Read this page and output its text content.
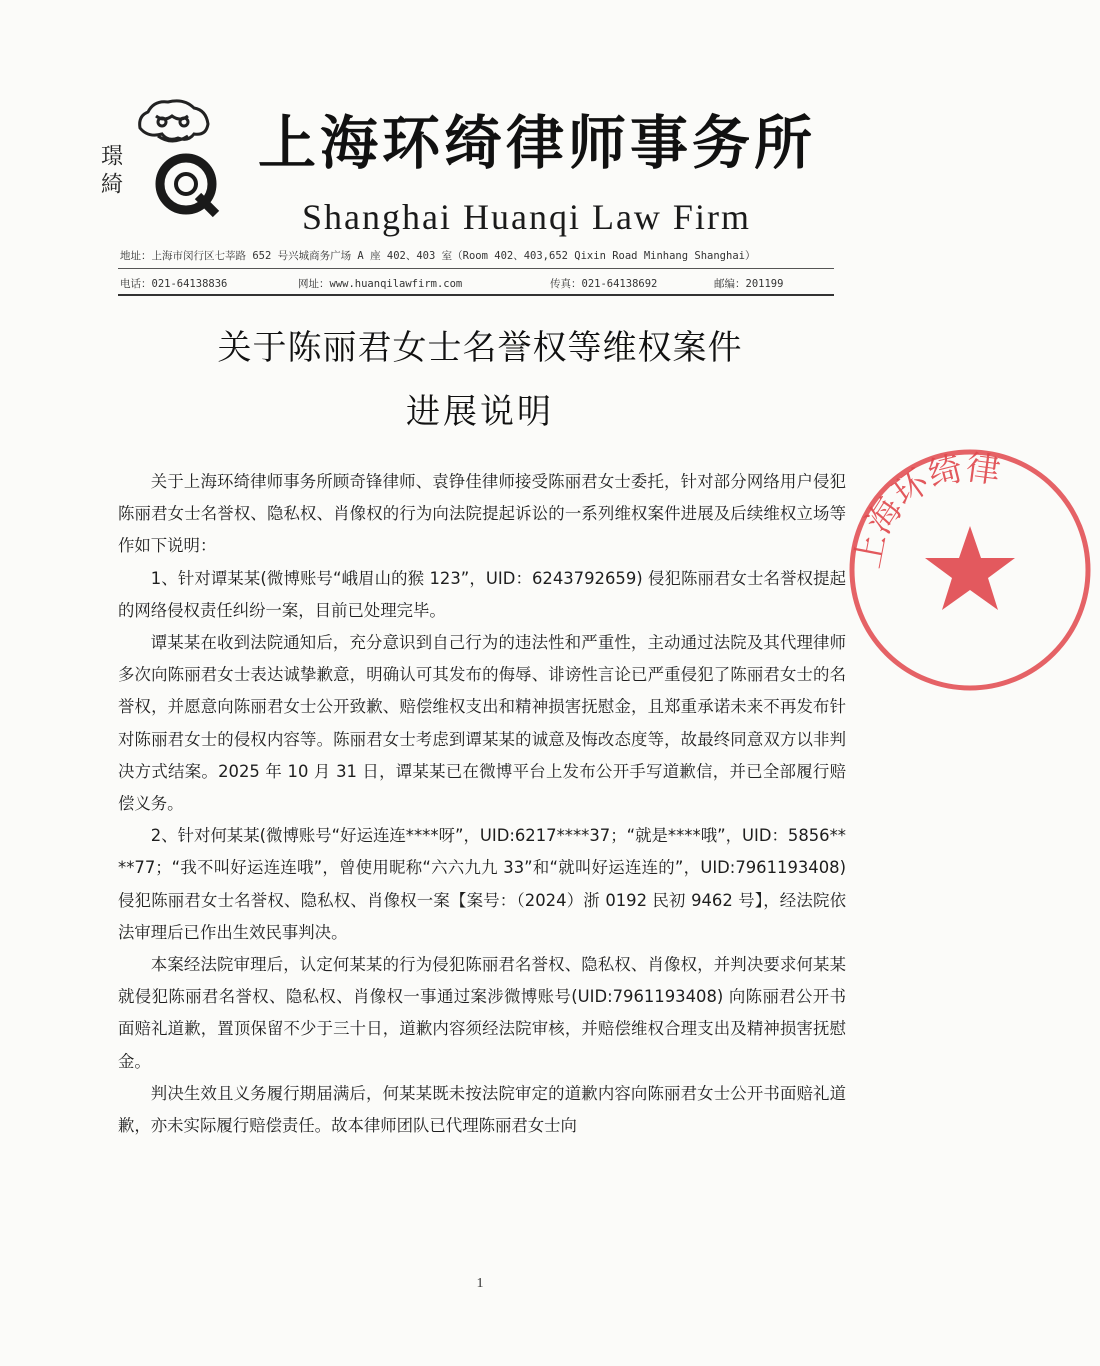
璟綺 上海环绮律师事务所
Shanghai Huanqi Law Firm
地址：上海市闵行区七莘路 652 号兴城商务广场 A 座 402、403 室（Room 402、403,652 Qixin Road Minhang Shanghai）
电话：021-64138836	网址：www.huanqilawfirm.com	传真：021-64138692	邮编：201199
关于陈丽君女士名誉权等维权案件
进展说明

关于上海环绮律师事务所顾奇锋律师、袁铮佳律师接受陈丽君女士委托，针对部分网络用户侵犯陈丽君女士名誉权、隐私权、肖像权的行为向法院提起诉讼的一系列维权案件进展及后续维权立场等作如下说明：

1、针对谭某某(微博账号“峨眉山的猴 123”，UID：6243792659) 侵犯陈丽君女士名誉权提起的网络侵权责任纠纷一案，目前已处理完毕。

谭某某在收到法院通知后，充分意识到自己行为的违法性和严重性，主动通过法院及其代理律师多次向陈丽君女士表达诚挚歉意，明确认可其发布的侮辱、诽谤性言论已严重侵犯了陈丽君女士的名誉权，并愿意向陈丽君女士公开致歉、赔偿维权支出和精神损害抚慰金，且郑重承诺未来不再发布针对陈丽君女士的侵权内容等。陈丽君女士考虑到谭某某的诚意及悔改态度等，故最终同意双方以非判决方式结案。2025 年 10 月 31 日，谭某某已在微博平台上发布公开手写道歉信，并已全部履行赔偿义务。

2、针对何某某(微博账号“好运连连****呀”，UID:6217****37；“就是****哦”，UID：5856****77；“我不叫好运连连哦”，曾使用昵称“六六九九 33”和“就叫好运连连的”，UID:7961193408) 侵犯陈丽君女士名誉权、隐私权、肖像权一案【案号：（2024）浙 0192 民初 9462 号】，经法院依法审理后已作出生效民事判决。

本案经法院审理后，认定何某某的行为侵犯陈丽君名誉权、隐私权、肖像权，并判决要求何某某就侵犯陈丽君名誉权、隐私权、肖像权一事通过案涉微博账号(UID:7961193408) 向陈丽君公开书面赔礼道歉，置顶保留不少于三十日，道歉内容须经法院审核，并赔偿维权合理支出及精神损害抚慰金。

判决生效且义务履行期届满后，何某某既未按法院审定的道歉内容向陈丽君女士公开书面赔礼道歉，亦未实际履行赔偿责任。故本律师团队已代理陈丽君女士向

1
上海环绮律
